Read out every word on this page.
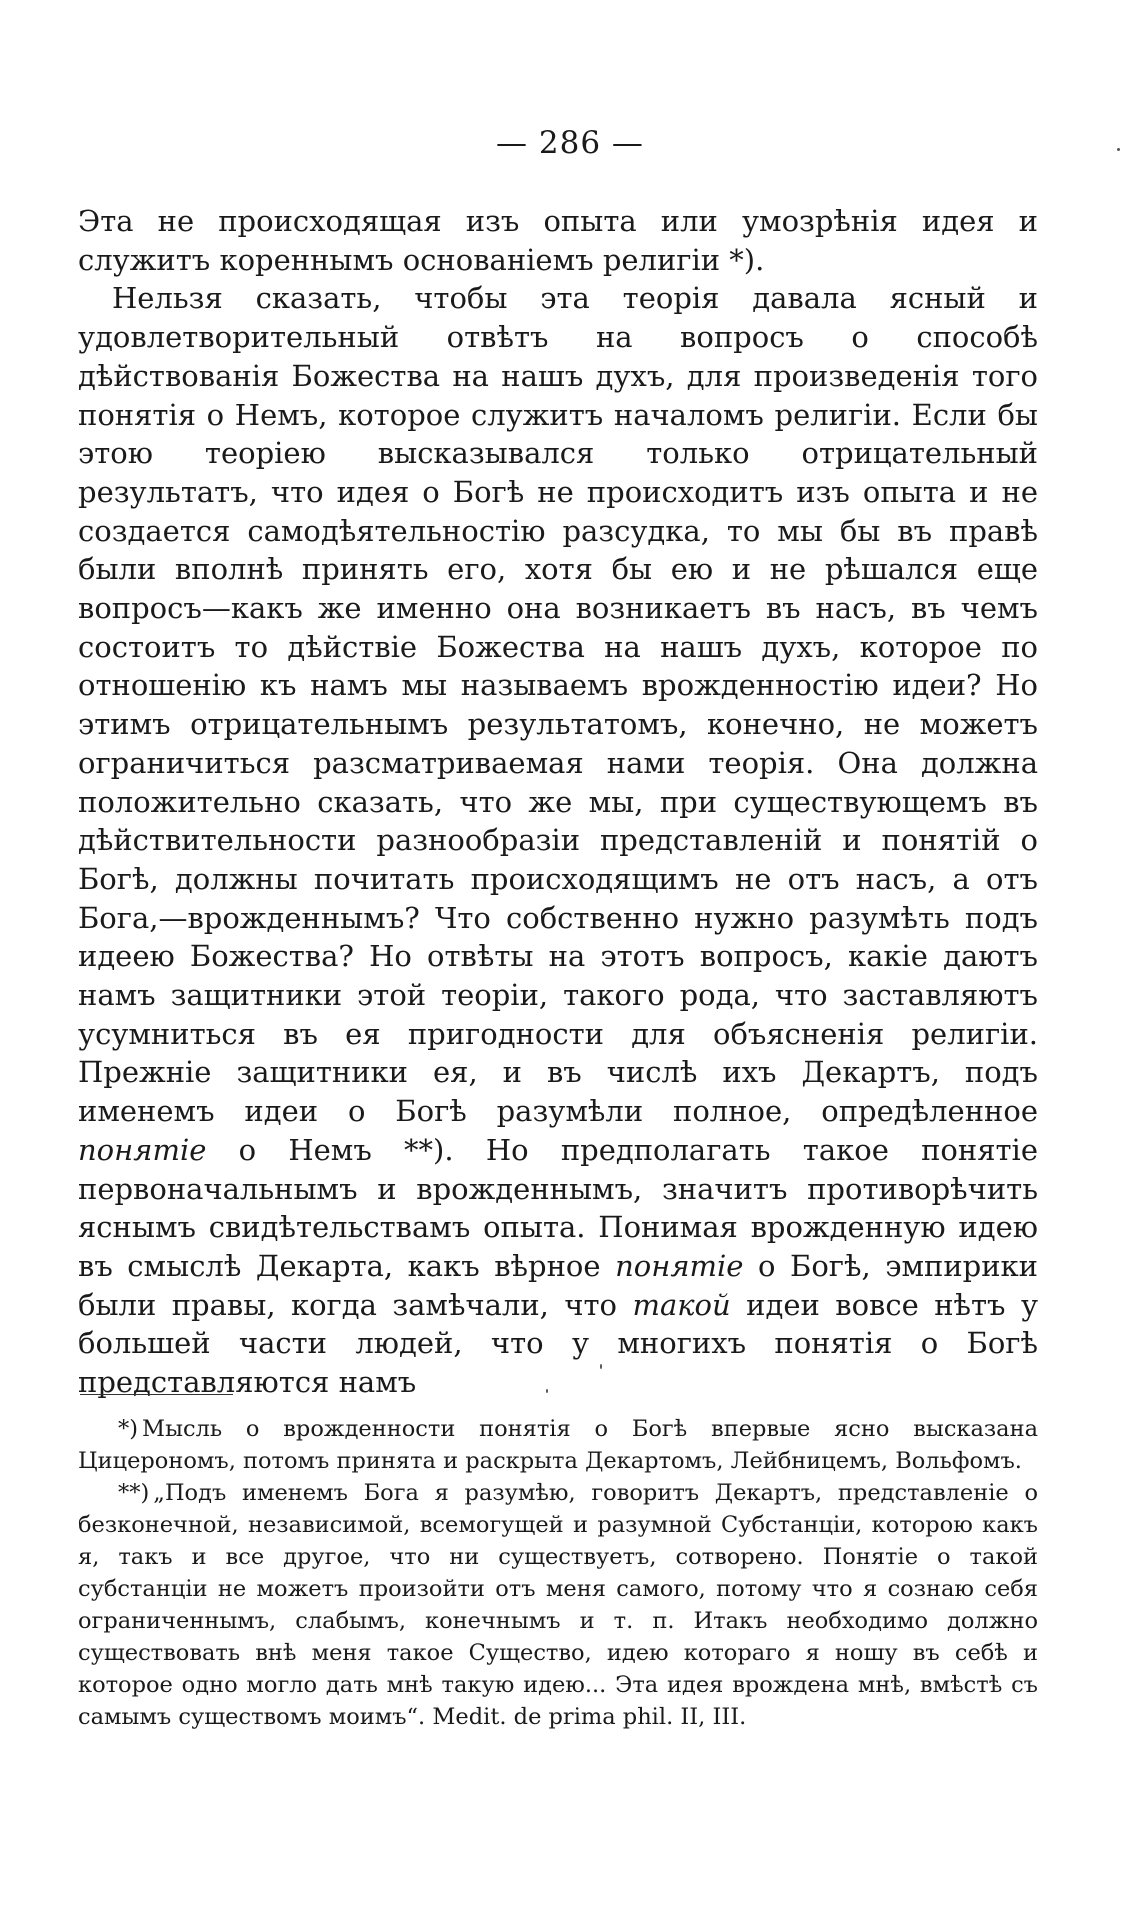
— 286 —

Эта не происходящая изъ опыта или умозрѣнія идея и служитъ кореннымъ основаніемъ религіи *).

Нельзя сказать, чтобы эта теорія давала ясный и удовлетворительный отвѣтъ на вопросъ о способѣ дѣйствованія Божества на нашъ духъ, для произведенія того понятія о Немъ, которое служитъ началомъ религіи. Если бы этою теоріею высказывался только отрицательный результатъ, что идея о Богѣ не происходитъ изъ опыта и не создается самодѣятельностію разсудка, то мы бы въ правѣ были вполнѣ принять его, хотя бы ею и не рѣшался еще вопросъ—какъ же именно она возникаетъ въ насъ, въ чемъ состоитъ то дѣйствіе Божества на нашъ духъ, которое по отношенію къ намъ мы называемъ врожденностію идеи? Но этимъ отрицательнымъ результатомъ, конечно, не можетъ ограничиться разсматриваемая нами теорія. Она должна положительно сказать, что же мы, при существующемъ въ дѣйствительности разнообразіи представленій и понятій о Богѣ, должны почитать происходящимъ не отъ насъ, а отъ Бога,—врожденнымъ? Что собственно нужно разумѣть подъ идеею Божества? Но отвѣты на этотъ вопросъ, какіе даютъ намъ защитники этой теоріи, такого рода, что заставляютъ усумниться въ ея пригодности для объясненія религіи. Прежніе защитники ея, и въ числѣ ихъ Декартъ, подъ именемъ идеи о Богѣ разумѣли полное, опредѣленное понятіе о Немъ **). Но предполагать такое понятіе первоначальнымъ и врожденнымъ, значитъ противорѣчить яснымъ свидѣтельствамъ опыта. Понимая врожденную идею въ смыслѣ Декарта, какъ вѣрное понятіе о Богѣ, эмпирики были правы, когда замѣчали, что такой идеи вовсе нѣтъ у большей части людей, что у многихъ понятія о Богѣ представляются намъ

*) Мысль о врожденности понятія о Богѣ впервые ясно высказана Цицерономъ, потомъ принята и раскрыта Декартомъ, Лейбницемъ, Вольфомъ.

**) „Подъ именемъ Бога я разумѣю, говоритъ Декартъ, представленіе о безконечной, независимой, всемогущей и разумной Субстанціи, которою какъ я, такъ и все другое, что ни существуетъ, сотворено. Понятіе о такой субстанціи не можетъ произойти отъ меня самого, потому что я сознаю себя ограниченнымъ, слабымъ, конечнымъ и т. п. Итакъ необходимо должно существовать внѣ меня такое Существо, идею котораго я ношу въ себѣ и которое одно могло дать мнѣ такую идею... Эта идея врождена мнѣ, вмѣстѣ съ самымъ существомъ моимъ“. Medit. de prima phil. II, III.
